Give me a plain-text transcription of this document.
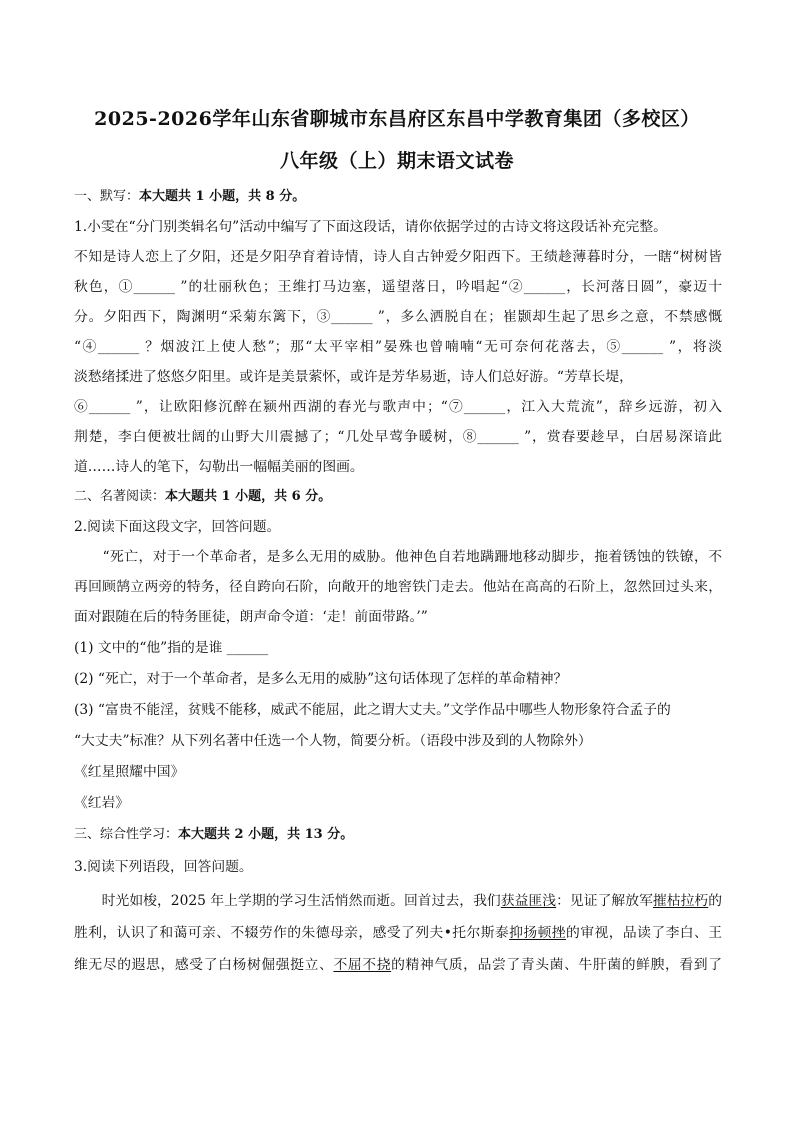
2025-2026学年山东省聊城市东昌府区东昌中学教育集团（多校区）
八年级（上）期末语文试卷
一、默写：本大题共 1 小题，共 8 分。
1.小雯在“分门别类辑名句”活动中编写了下面这段话，请你依据学过的古诗文将这段话补充完整。
不知是诗人恋上了夕阳，还是夕阳孕育着诗情，诗人自古钟爱夕阳西下。王绩趁薄暮时分，一瞎“树树皆
秋色，①______ ”的壮丽秋色；王维打马边塞，遥望落日，吟唱起“②______，长河落日圆”，豪迈十
分。夕阳西下，陶渊明“采菊东篱下，③______ ”，多么洒脱自在；崔颢却生起了思乡之意，不禁感慨
“④______ ？烟波江上使人愁”；那“太平宰相”晏殊也曾喃喃“无可奈何花落去，⑤______ ”，将淡
淡愁绪揉进了悠悠夕阳里。或许是美景萦怀，或许是芳华易逝，诗人们总好游。“芳草长堤，
⑥______ ”，让欧阳修沉醉在颍州西湖的春光与歌声中；“⑦______，江入大荒流”，辞乡远游，初入
荆楚，李白便被壮阔的山野大川震撼了；“几处早莺争暖树，⑧______ ”，赏春要趁早，白居易深谙此
道……诗人的笔下，勾勒出一幅幅美丽的图画。
二、名著阅读：本大题共 1 小题，共 6 分。
2.阅读下面这段文字，回答问题。
　　“死亡，对于一个革命者，是多么无用的威胁。他神色自若地蹒跚地移动脚步，拖着锈蚀的铁镣，不
再回顾鹄立两旁的特务，径自跨向石阶，向敞开的地窖铁门走去。他站在高高的石阶上，忽然回过头来，
面对跟随在后的特务匪徒，朗声命令道：‘走！前面带路。’”
(1) 文中的“他”指的是谁 ______
(2) “死亡，对于一个革命者，是多么无用的威胁”这句话体现了怎样的革命精神？
(3) “富贵不能淫，贫贱不能移，威武不能屈，此之谓大丈夫。”文学作品中哪些人物形象符合孟子的
“大丈夫”标准？从下列名著中任选一个人物，简要分析。（语段中涉及到的人物除外）
《红星照耀中国》
《红岩》
三、综合性学习：本大题共 2 小题，共 13 分。
3.阅读下列语段，回答问题。
　　时光如梭，2025 年上学期的学习生活悄然而逝。回首过去，我们获益匪浅：见证了解放军摧枯拉朽的
胜利，认识了和蔼可亲、不辍劳作的朱德母亲，感受了列夫•托尔斯泰抑扬顿挫的审视，品读了李白、王
维无尽的遐思，感受了白杨树倔强挺立、不屈不挠的精神气质，品尝了青头菌、牛肝菌的鲜腴，看到了
